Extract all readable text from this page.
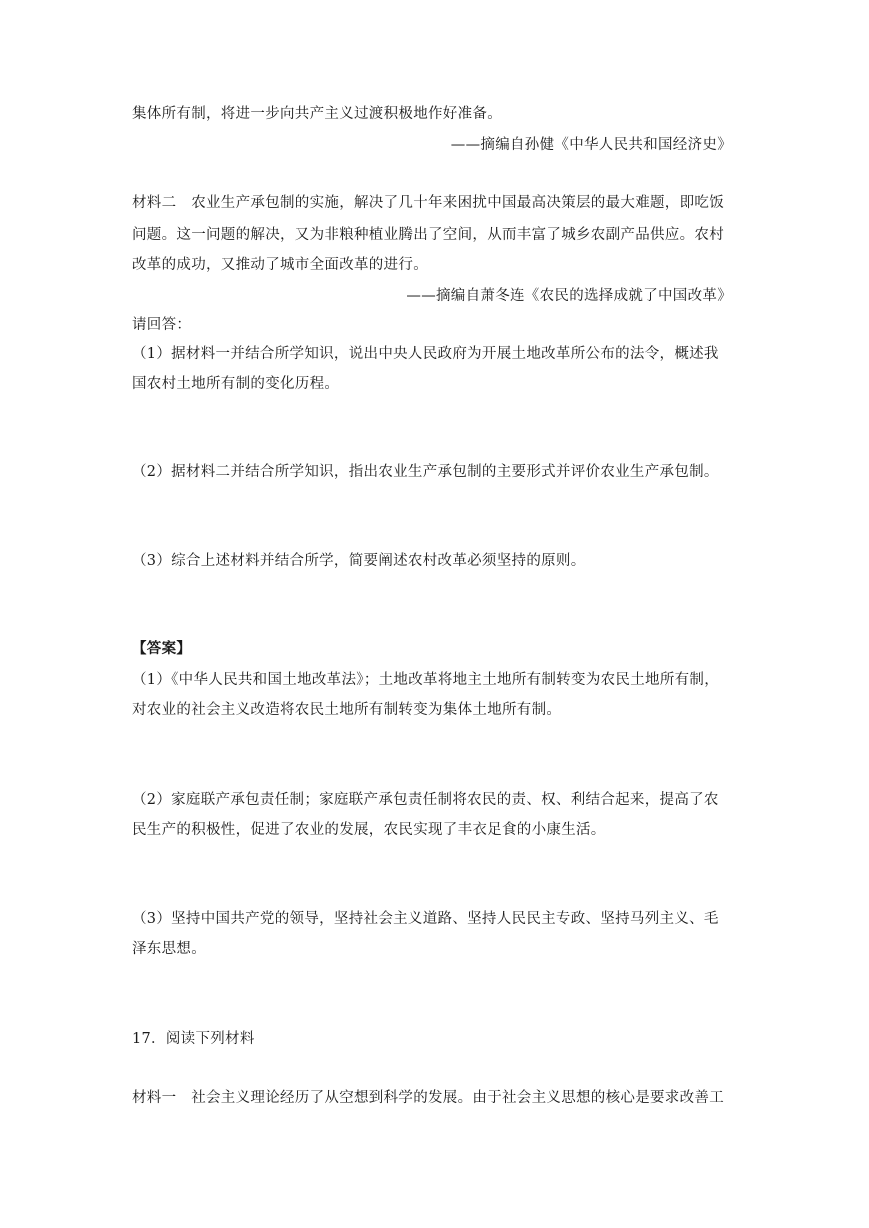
集体所有制，将进一步向共产主义过渡积极地作好准备。
——摘编自孙健《中华人民共和国经济史》
材料二　农业生产承包制的实施，解决了几十年来困扰中国最高决策层的最大难题，即吃饭
问题。这一问题的解决，又为非粮种植业腾出了空间，从而丰富了城乡农副产品供应。农村
改革的成功，又推动了城市全面改革的进行。
——摘编自萧冬连《农民的选择成就了中国改革》
请回答：
（1）据材料一并结合所学知识，说出中央人民政府为开展土地改革所公布的法令，概述我
国农村土地所有制的变化历程。
（2）据材料二并结合所学知识，指出农业生产承包制的主要形式并评价农业生产承包制。
（3）综合上述材料并结合所学，简要阐述农村改革必须坚持的原则。
【答案】
（1）《中华人民共和国土地改革法》；土地改革将地主土地所有制转变为农民土地所有制，
对农业的社会主义改造将农民土地所有制转变为集体土地所有制。
（2）家庭联产承包责任制；家庭联产承包责任制将农民的责、权、利结合起来，提高了农
民生产的积极性，促进了农业的发展，农民实现了丰衣足食的小康生活。
（3）坚持中国共产党的领导，坚持社会主义道路、坚持人民民主专政、坚持马列主义、毛
泽东思想。
17．阅读下列材料
材料一　社会主义理论经历了从空想到科学的发展。由于社会主义思想的核心是要求改善工
